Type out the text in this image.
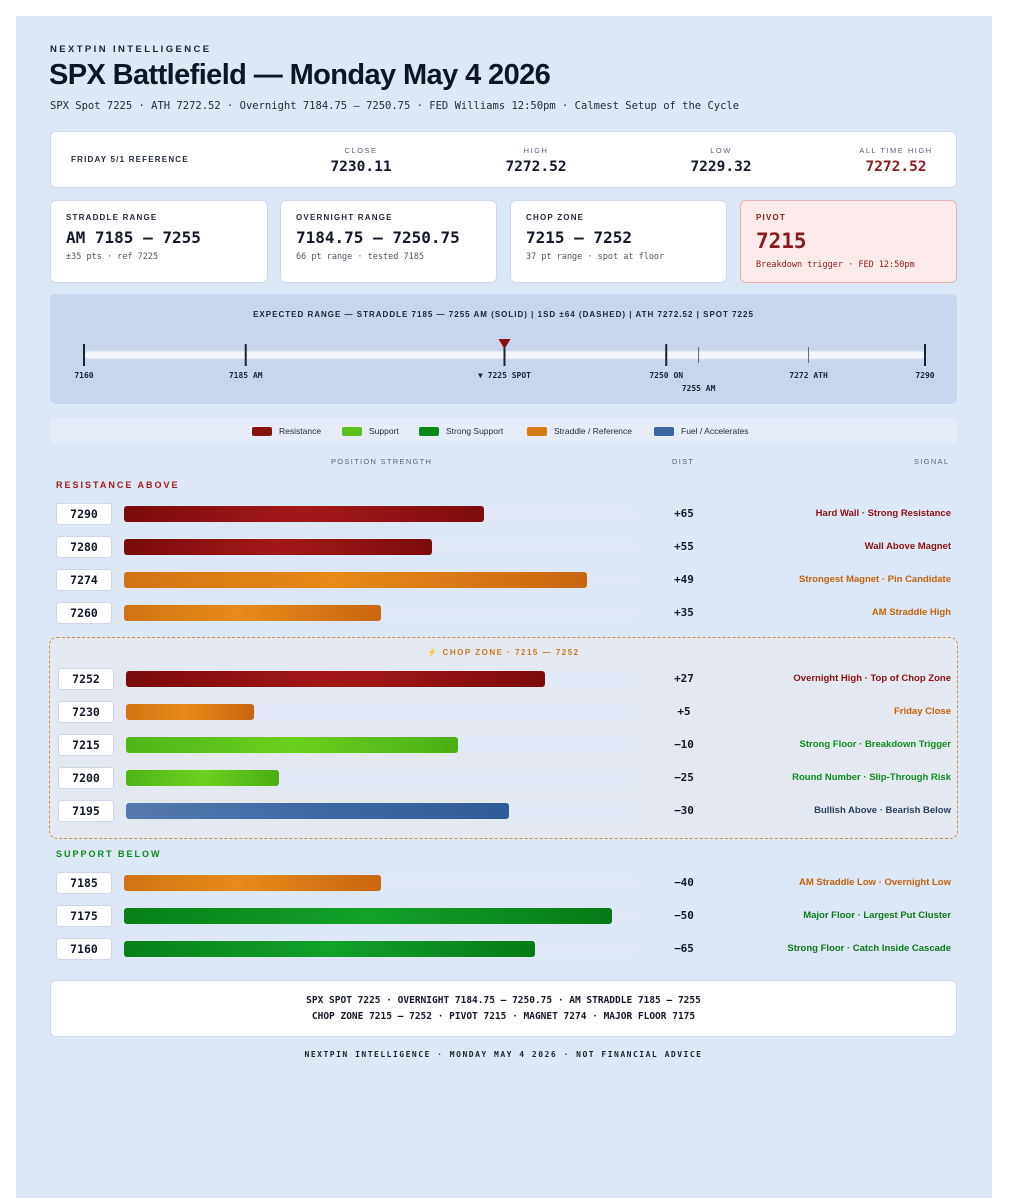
NEXTPIN INTELLIGENCE
SPX Battlefield — Monday May 4 2026
SPX Spot 7225 · ATH 7272.52 · Overnight 7184.75 — 7250.75 · FED Williams 12:50pm · Calmest Setup of the Cycle
FRIDAY 5/1 REFERENCE
CLOSE
7230.11
HIGH
7272.52
LOW
7229.32
ALL TIME HIGH
7272.52
STRADDLE RANGE
AM 7185 — 7255
±35 pts · ref 7225
OVERNIGHT RANGE
7184.75 — 7250.75
66 pt range · tested 7185
CHOP ZONE
7215 — 7252
37 pt range · spot at floor
PIVOT
7215
Breakdown trigger · FED 12:50pm
EXPECTED RANGE — STRADDLE 7185 — 7255 AM (SOLID) | 1SD ±64 (DASHED) | ATH 7272.52 | SPOT 7225
7160	7185 AM	▼ 7225 SPOT	7250 ON
7255 AM
7272 ATH	7290
Resistance	Support	Strong Support	Straddle / Reference	Fuel / Accelerates
POSITION STRENGTH	DIST	SIGNAL
RESISTANCE ABOVE
⚡ CHOP ZONE · 7215 — 7252
SUPPORT BELOW
7290	+65	Hard Wall · Strong Resistance
7280	+55	Wall Above Magnet
7274	+49	Strongest Magnet · Pin Candidate
7260	+35	AM Straddle High
7252	+27	Overnight High · Top of Chop Zone
7230	+5	Friday Close
7215	−10	Strong Floor · Breakdown Trigger
7200	−25	Round Number · Slip-Through Risk
7195	−30	Bullish Above · Bearish Below
7185	−40	AM Straddle Low · Overnight Low
7175	−50	Major Floor · Largest Put Cluster
7160	−65	Strong Floor · Catch Inside Cascade
SPX SPOT 7225 · OVERNIGHT 7184.75 — 7250.75 · AM STRADDLE 7185 — 7255
CHOP ZONE 7215 — 7252 · PIVOT 7215 · MAGNET 7274 · MAJOR FLOOR 7175
NEXTPIN INTELLIGENCE · MONDAY MAY 4 2026 · NOT FINANCIAL ADVICE
